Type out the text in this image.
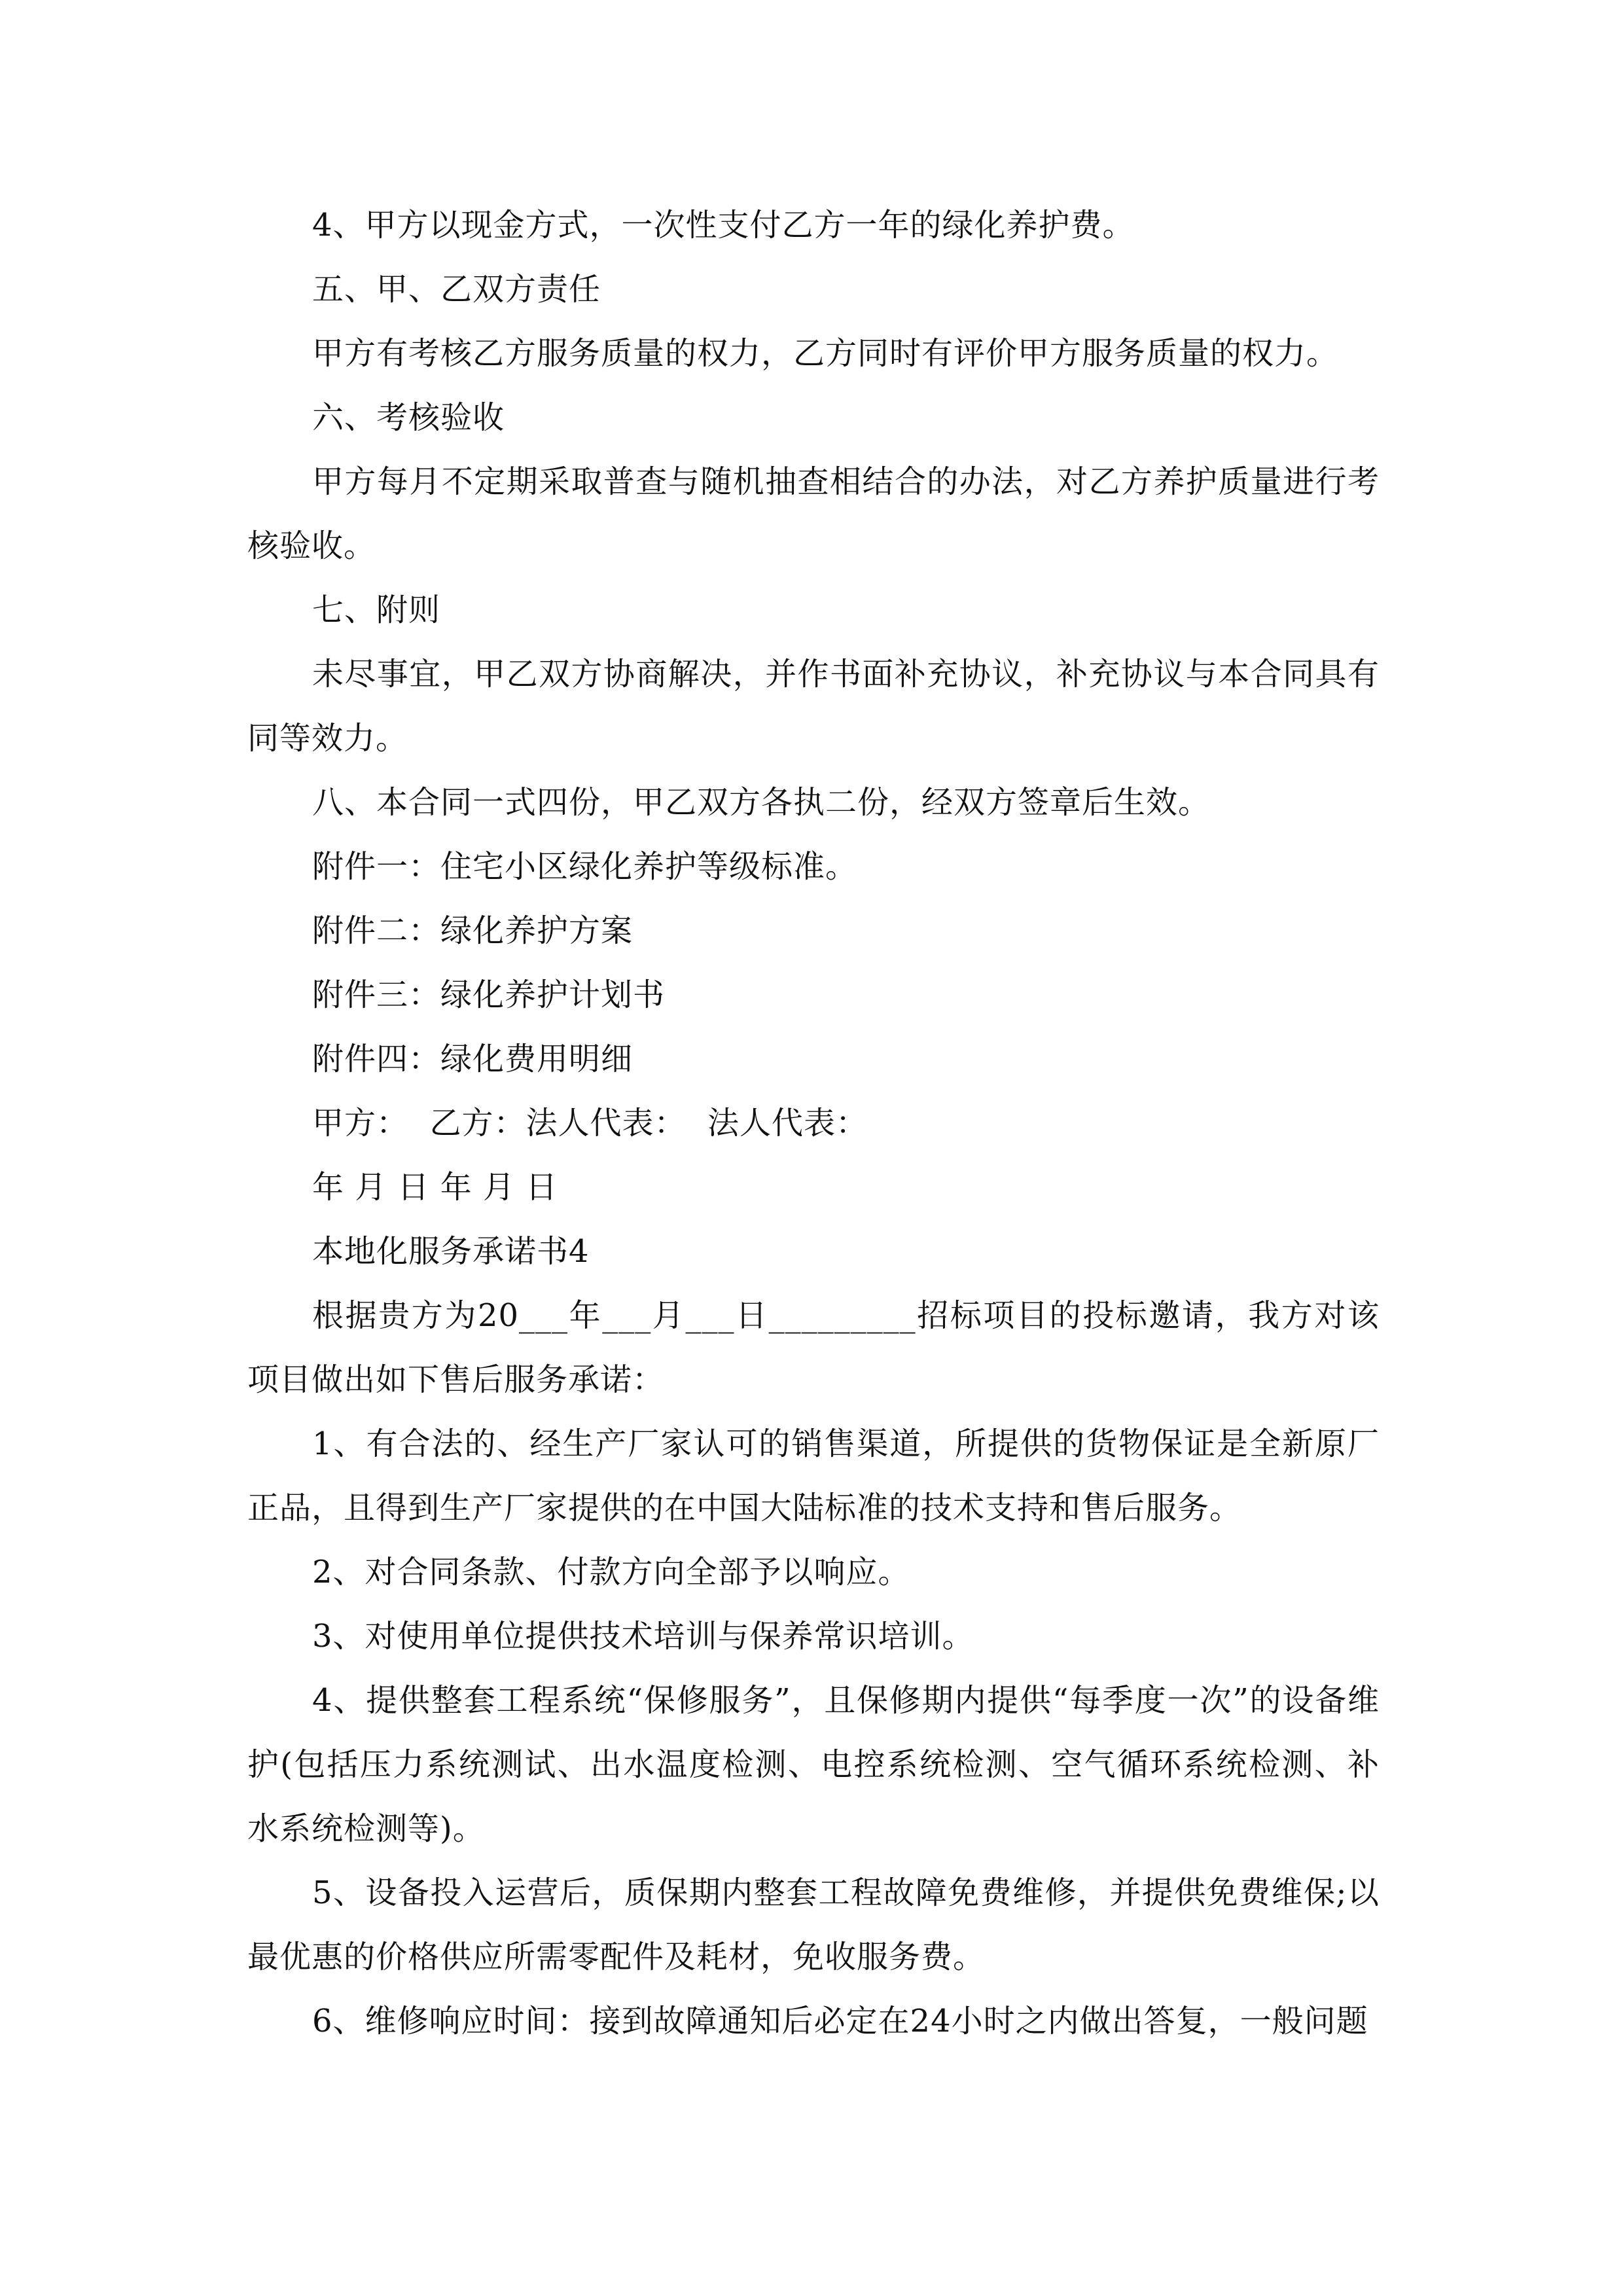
4、甲方以现金方式，一次性支付乙方一年的绿化养护费。

五、甲、乙双方责任

甲方有考核乙方服务质量的权力，乙方同时有评价甲方服务质量的权力。

六、考核验收

甲方每月不定期采取普查与随机抽查相结合的办法，对乙方养护质量进行考核验收。

七、附则

未尽事宜，甲乙双方协商解决，并作书面补充协议，补充协议与本合同具有同等效力。

八、本合同一式四份，甲乙双方各执二份，经双方签章后生效。

附件一：住宅小区绿化养护等级标准。

附件二：绿化养护方案

附件三：绿化养护计划书

附件四：绿化费用明细

甲方：  乙方：法人代表：  法人代表：

年 月 日 年 月 日

本地化服务承诺书4

根据贵方为20___年___月___日_________招标项目的投标邀请，我方对该项目做出如下售后服务承诺：

1、有合法的、经生产厂家认可的销售渠道，所提供的货物保证是全新原厂正品，且得到生产厂家提供的在中国大陆标准的技术支持和售后服务。

2、对合同条款、付款方向全部予以响应。

3、对使用单位提供技术培训与保养常识培训。

4、提供整套工程系统“保修服务”，且保修期内提供“每季度一次”的设备维护(包括压力系统测试、出水温度检测、电控系统检测、空气循环系统检测、补水系统检测等)。

5、设备投入运营后，质保期内整套工程故障免费维修，并提供免费维保;以最优惠的价格供应所需零配件及耗材，免收服务费。

6、维修响应时间：接到故障通知后必定在24小时之内做出答复，一般问题
